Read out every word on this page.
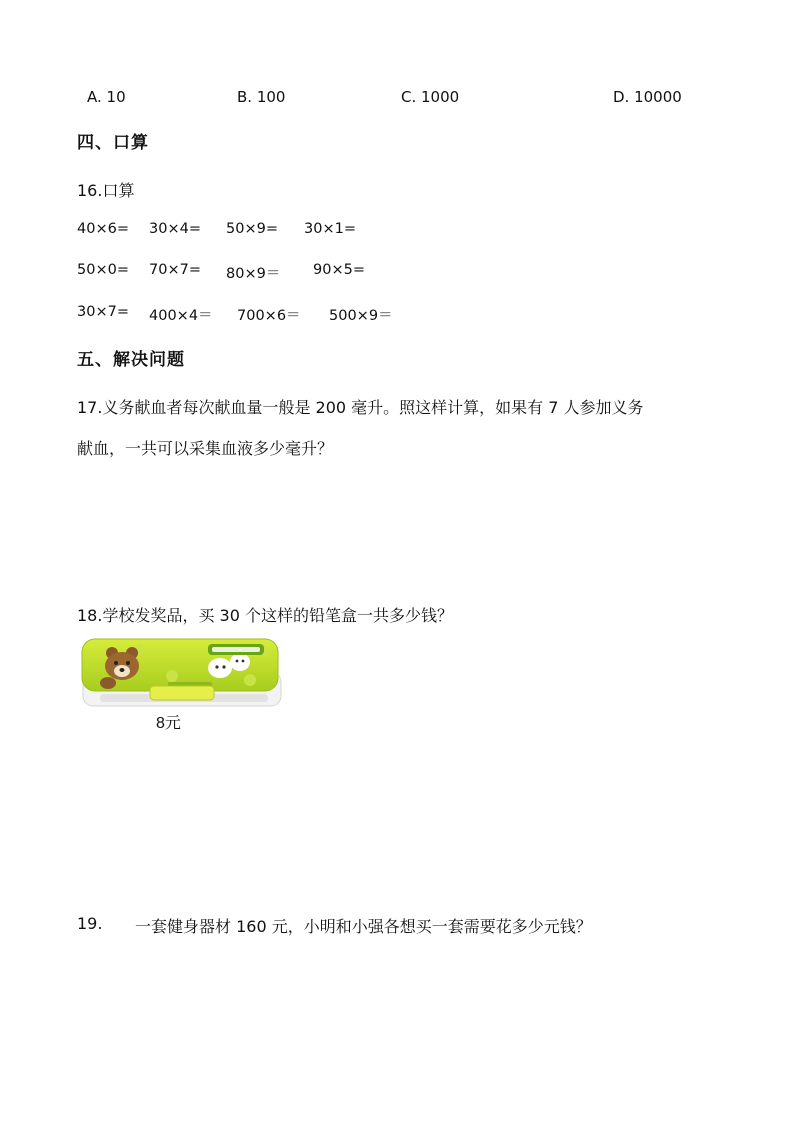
A. 10	B. 100	C. 1000	D. 10000
四、口算
16.口算
40×6= 30×4= 50×9= 30×1=
50×0= 70×7= 80×9＝ 90×5=
30×7= 400×4＝ 700×6＝ 500×9＝
五、解决问题
17.义务献血者每次献血量一般是 200 毫升。照这样计算，如果有 7 人参加义务
献血，一共可以采集血液多少毫升？
18.学校发奖品，买 30 个这样的铅笔盒一共多少钱？
8元
19. 一套健身器材 160 元，小明和小强各想买一套需要花多少元钱？
